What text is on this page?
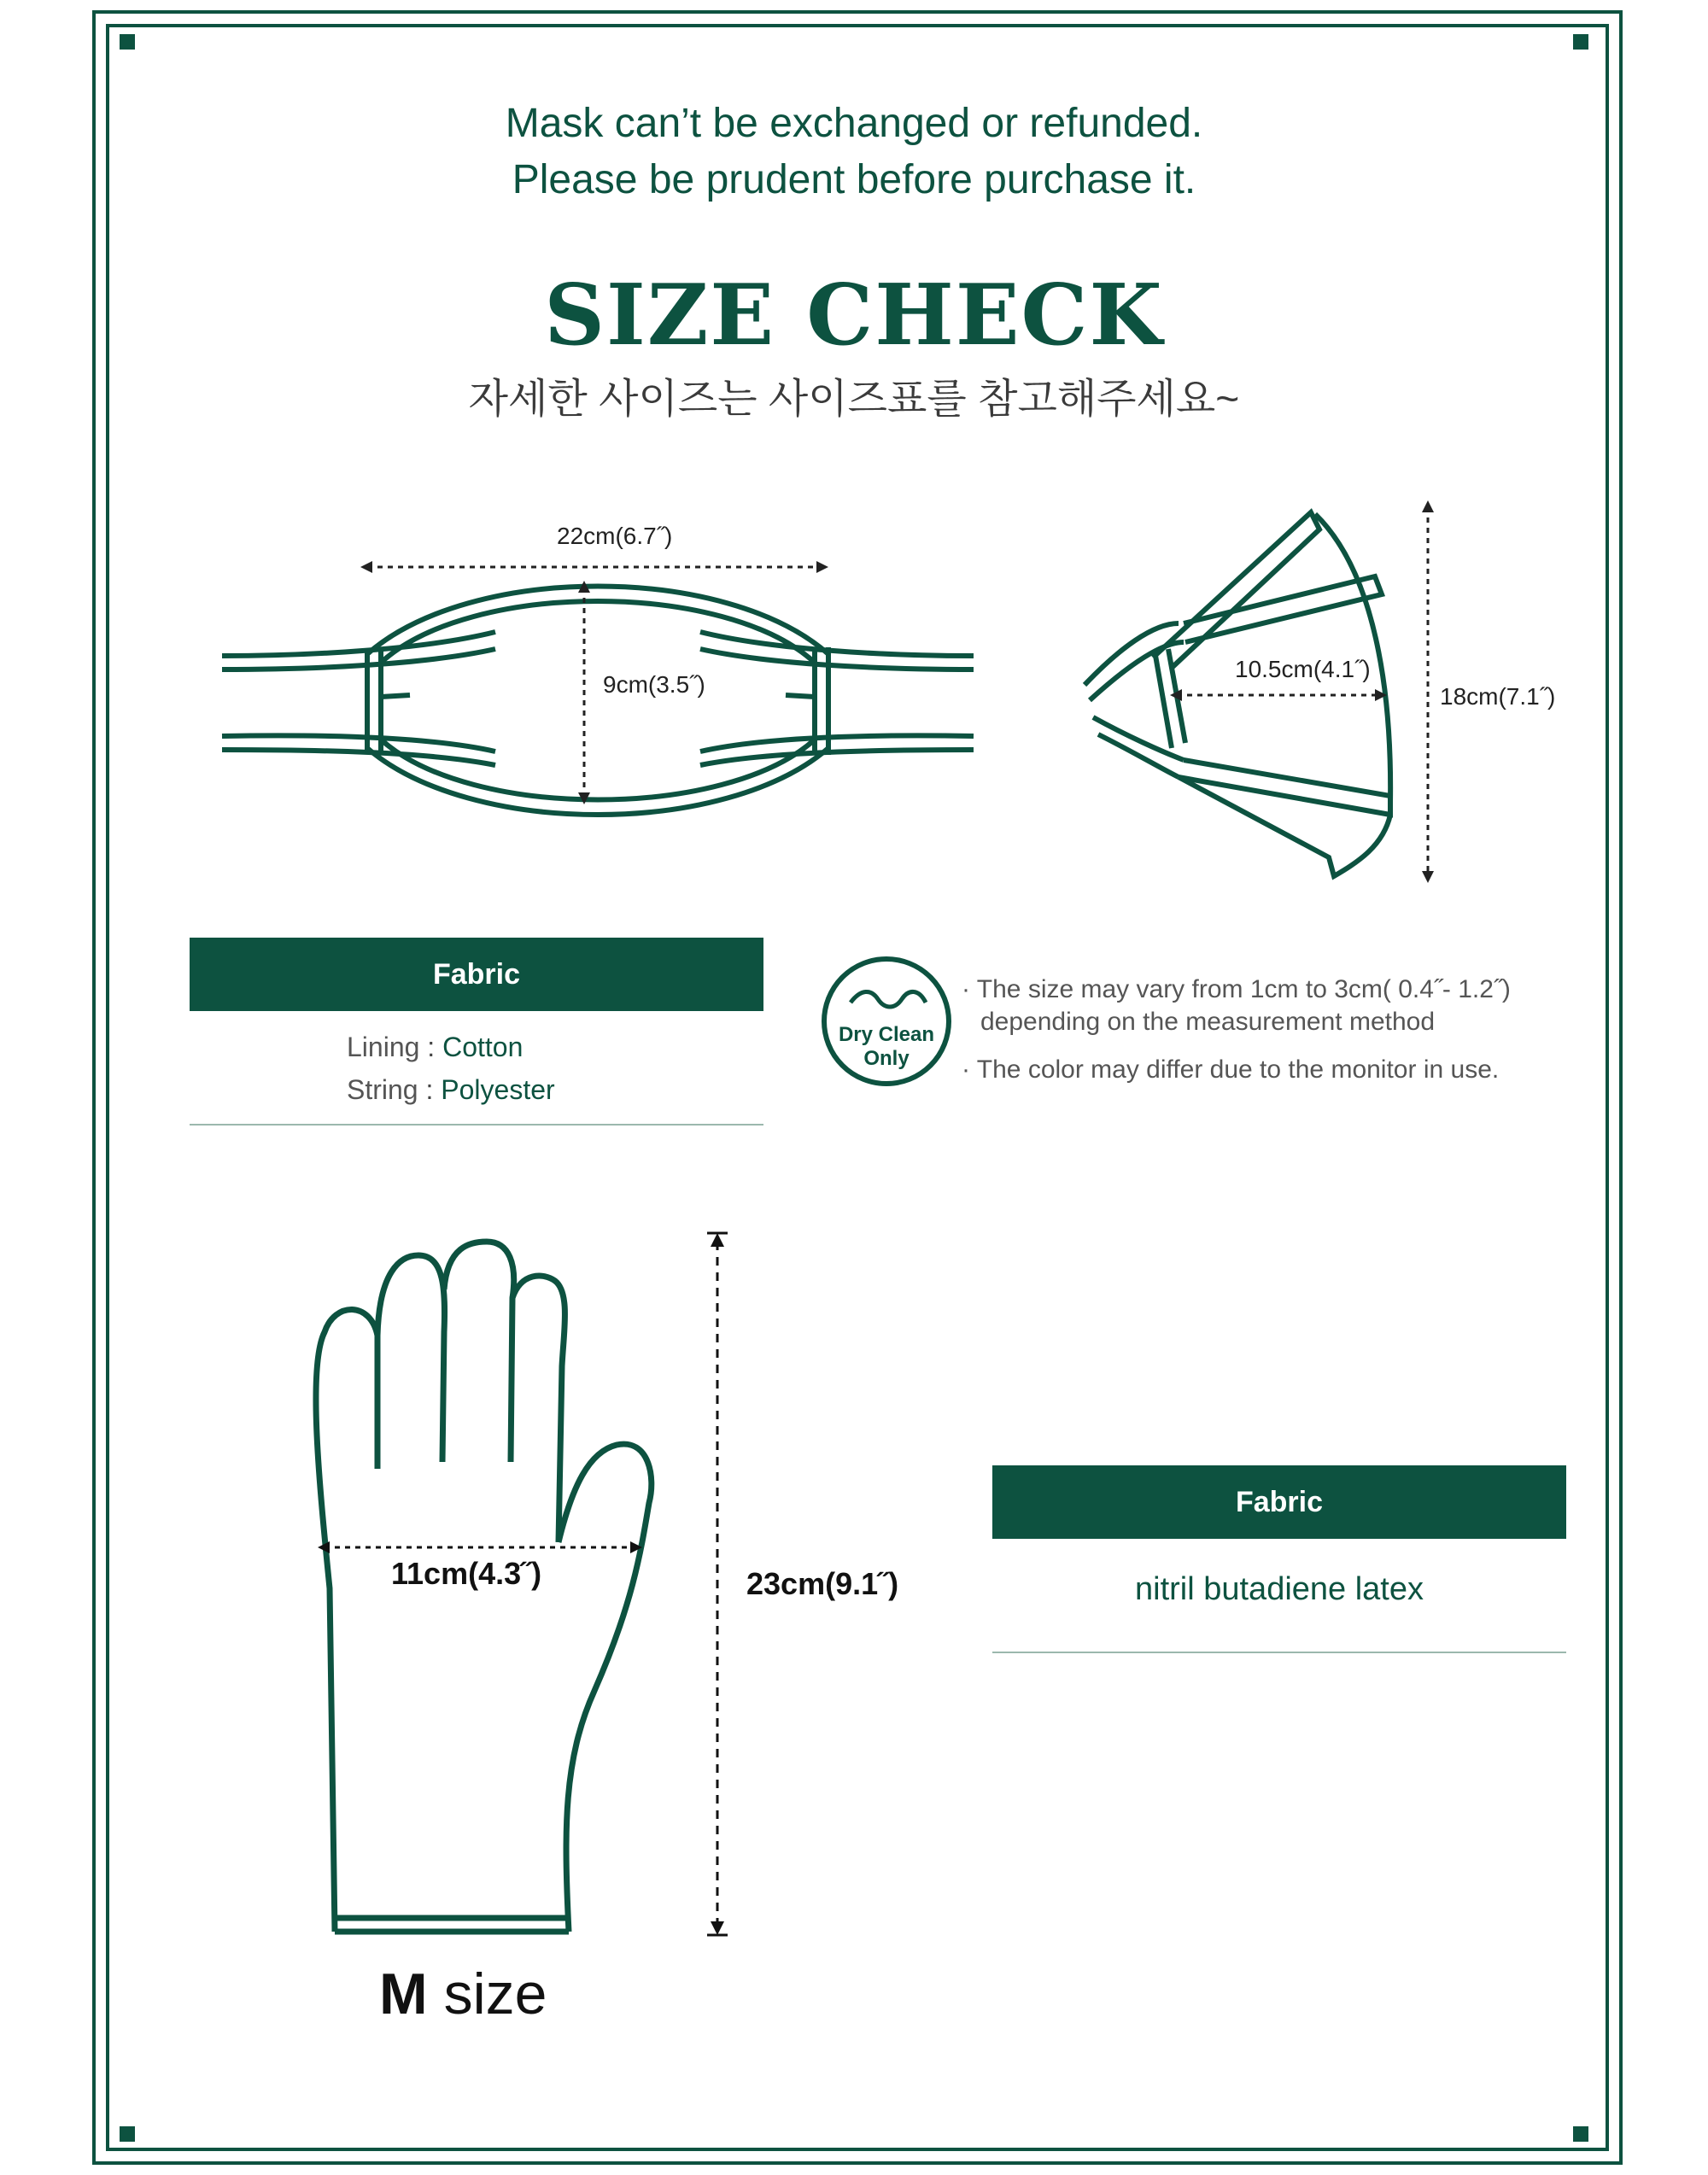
Mask can’t be exchanged or refunded.
Please be prudent before purchase it.
SIZE CHECK
자세한 사이즈는 사이즈표를 참고해주세요~
22cm(6.7˝)
9cm(3.5˝)
10.5cm(4.1˝)
18cm(7.1˝)
Fabric
Lining : Cotton
String : Polyester
Dry Clean
Only
· The size may vary from 1cm to 3cm( 0.4˝- 1.2˝)
depending on the measurement method
· The color may differ due to the monitor in use.
11cm(4.3˝)	23cm(9.1˝)
M size
Fabric
nitril butadiene latex
